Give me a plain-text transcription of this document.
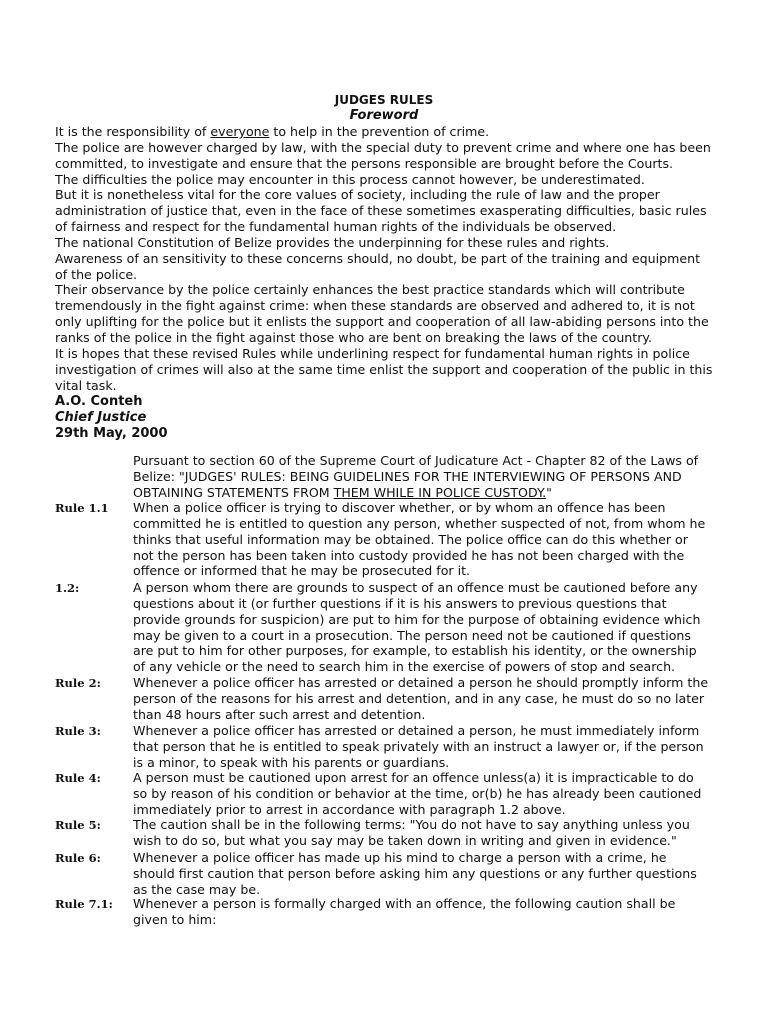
JUDGES RULES
Foreword
It is the responsibility of everyone to help in the prevention of crime.
The police are however charged by law, with the special duty to prevent crime and where one has been
committed, to investigate and ensure that the persons responsible are brought before the Courts.
The difficulties the police may encounter in this process cannot however, be underestimated.
But it is nonetheless vital for the core values of society, including the rule of law and the proper
administration of justice that, even in the face of these sometimes exasperating difficulties, basic rules
of fairness and respect for the fundamental human rights of the individuals be observed.
The national Constitution of Belize provides the underpinning for these rules and rights.
Awareness of an sensitivity to these concerns should, no doubt, be part of the training and equipment
of the police.
Their observance by the police certainly enhances the best practice standards which will contribute
tremendously in the fight against crime: when these standards are observed and adhered to, it is not
only uplifting for the police but it enlists the support and cooperation of all law-abiding persons into the
ranks of the police in the fight against those who are bent on breaking the laws of the country.
It is hopes that these revised Rules while underlining respect for fundamental human rights in police
investigation of crimes will also at the same time enlist the support and cooperation of the public in this
vital task.
A.O. Conteh
Chief Justice
29th May, 2000
Pursuant to section 60 of the Supreme Court of Judicature Act - Chapter 82 of the Laws of
Belize: "JUDGES' RULES: BEING GUIDELINES FOR THE INTERVIEWING OF PERSONS AND
OBTAINING STATEMENTS FROM THEM WHILE IN POLICE CUSTODY."
Rule 1.1 When a police officer is trying to discover whether, or by whom an offence has been
committed he is entitled to question any person, whether suspected of not, from whom he
thinks that useful information may be obtained. The police office can do this whether or
not the person has been taken into custody provided he has not been charged with the
offence or informed that he may be prosecuted for it.
1.2:	A person whom there are grounds to suspect of an offence must be cautioned before any
questions about it (or further questions if it is his answers to previous questions that
provide grounds for suspicion) are put to him for the purpose of obtaining evidence which
may be given to a court in a prosecution. The person need not be cautioned if questions
are put to him for other purposes, for example, to establish his identity, or the ownership
of any vehicle or the need to search him in the exercise of powers of stop and search.
Rule 2:	Whenever a police officer has arrested or detained a person he should promptly inform the
person of the reasons for his arrest and detention, and in any case, he must do so no later
than 48 hours after such arrest and detention.
Rule 3:	Whenever a police officer has arrested or detained a person, he must immediately inform
that person that he is entitled to speak privately with an instruct a lawyer or, if the person
is a minor, to speak with his parents or guardians.
Rule 4:	A person must be cautioned upon arrest for an offence unless(a) it is impracticable to do
so by reason of his condition or behavior at the time, or(b) he has already been cautioned
immediately prior to arrest in accordance with paragraph 1.2 above.
Rule 5:	The caution shall be in the following terms: "You do not have to say anything unless you
wish to do so, but what you say may be taken down in writing and given in evidence."
Rule 6:	Whenever a police officer has made up his mind to charge a person with a crime, he
should first caution that person before asking him any questions or any further questions
as the case may be.
Rule 7.1: Whenever a person is formally charged with an offence, the following caution shall be
given to him:
